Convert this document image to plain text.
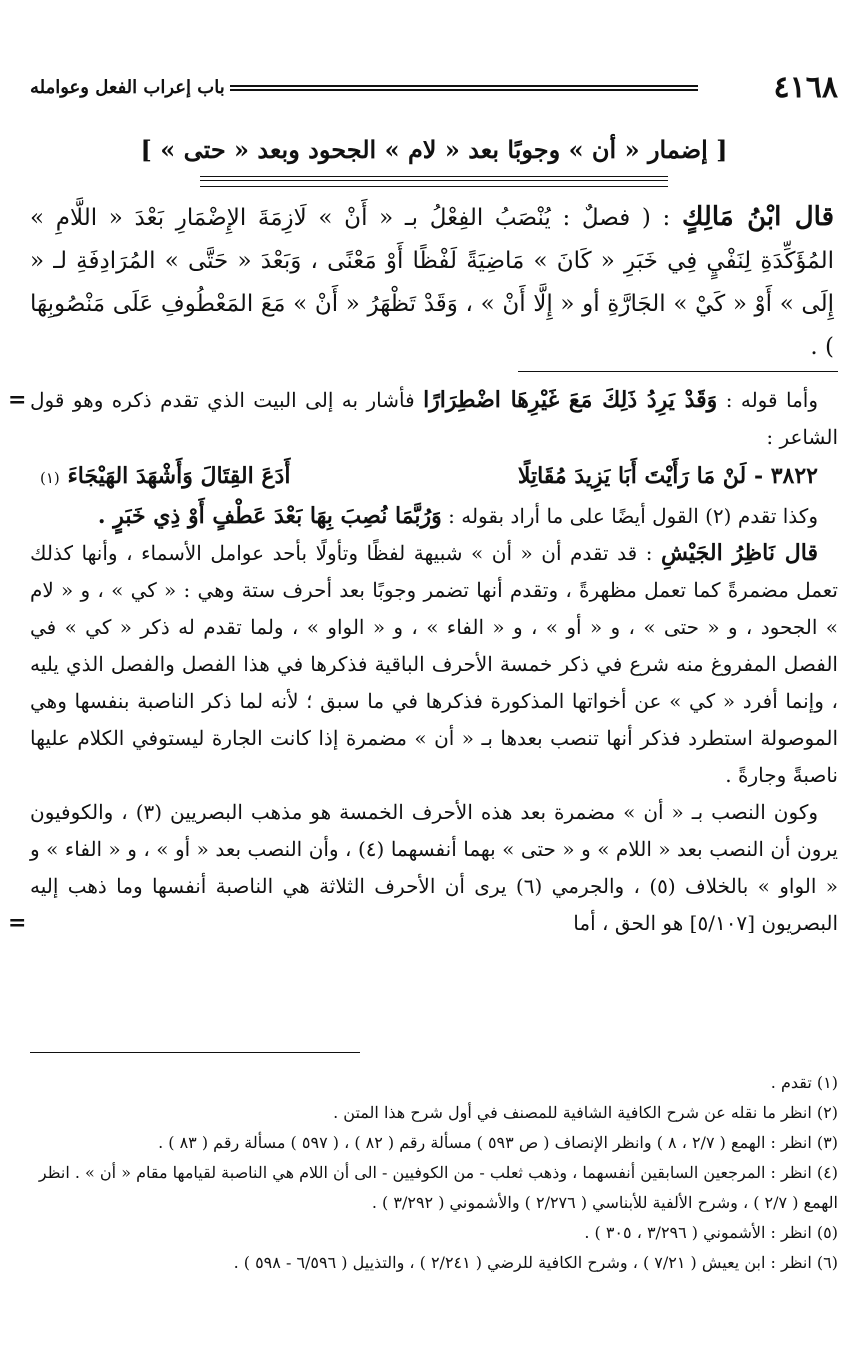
٤١٦٨
باب إعراب الفعل وعوامله
[ إضمار « أن » وجوبًا بعد « لام » الجحود وبعد « حتى » ]

قال ابْنُ مَالِكٍ : ( فصلٌ : يُنْصَبُ الفِعْلُ بـ « أَنْ » لَازِمَةَ الإِضْمَارِ بَعْدَ « اللَّامِ » المُؤَكِّدَةِ لِنَفْيٍ فِي خَبَرِ « كَانَ » مَاضِيَةً لَفْظًا أَوْ مَعْنًى ، وَبَعْدَ « حَتَّى » المُرَادِفَةِ لـ « إِلَى » أَوْ « كَيْ » الجَارَّةِ أو « إِلَّا أَنْ » ، وَقَدْ تَظْهَرُ « أَنْ » مَعَ المَعْطُوفِ عَلَى مَنْصُوبِهَا ) .

=	وأما قوله : وَقَدْ يَرِدُ ذَلِكَ مَعَ غَيْرِهَا اضْطِرَارًا فأشار به إلى البيت الذي تقدم ذكره وهو قول الشاعر :

٣٨٢٢ - لَنْ مَا رَأَيْتَ أَبَا يَزِيدَ مُقَاتِلًا
أَدَعَ القِتَالَ وَأَشْهَدَ الهَيْجَاءَ (١)

وكذا تقدم (٢) القول أيضًا على ما أراد بقوله : وَرُبَّمَا نُصِبَ بِهَا بَعْدَ عَطْفٍ أَوْ ذِي خَبَرٍ .

قال نَاظِرُ الجَيْشِ : قد تقدم أن « أن » شبيهة لفظًا وتأولًا بأحد عوامل الأسماء ، وأنها كذلك تعمل مضمرةً كما تعمل مظهرةً ، وتقدم أنها تضمر وجوبًا بعد أحرف ستة وهي : « كي » ، و « لام » الجحود ، و « حتى » ، و « أو » ، و « الفاء » ، و « الواو » ، ولما تقدم له ذكر « كي » في الفصل المفروغ منه شرع في ذكر خمسة الأحرف الباقية فذكرها في هذا الفصل والفصل الذي يليه ، وإنما أفرد « كي » عن أخواتها المذكورة فذكرها في ما سبق ؛ لأنه لما ذكر الناصبة بنفسها وهي الموصولة استطرد فذكر أنها تنصب بعدها بـ « أن » مضمرة إذا كانت الجارة ليستوفي الكلام عليها ناصبةً وجارةً .

وكون النصب بـ « أن » مضمرة بعد هذه الأحرف الخمسة هو مذهب البصريين (٣) ، والكوفيون يرون أن النصب بعد « اللام » و « حتى » بهما أنفسهما (٤) ، وأن النصب بعد « أو » ، و « الفاء » و « الواو » بالخلاف (٥) ، والجرمي (٦) يرى أن الأحرف الثلاثة هي الناصبة أنفسها وما ذهب إليه البصريون [٥/١٠٧] هو الحق ، أما
=

(١) تقدم .

(٢) انظر ما نقله عن شرح الكافية الشافية للمصنف في أول شرح هذا المتن .

(٣) انظر : الهمع ( ٢/٧ ، ٨ ) وانظر الإنصاف ( ص ٥٩٣ ) مسألة رقم ( ٨٢ ) ، ( ٥٩٧ ) مسألة رقم ( ٨٣ ) .

(٤) انظر : المرجعين السابقين أنفسهما ، وذهب ثعلب - من الكوفيين - الى أن اللام هي الناصبة لقيامها مقام « أن » . انظر الهمع ( ٢/٧ ) ، وشرح الألفية للأبناسي ( ٢/٢٧٦ ) والأشموني ( ٣/٢٩٢ ) .

(٥) انظر : الأشموني ( ٣/٢٩٦ ، ٣٠٥ ) .

(٦) انظر : ابن يعيش ( ٧/٢١ ) ، وشرح الكافية للرضي ( ٢/٢٤١ ) ، والتذييل ( ٦/٥٩٦ - ٥٩٨ ) .
